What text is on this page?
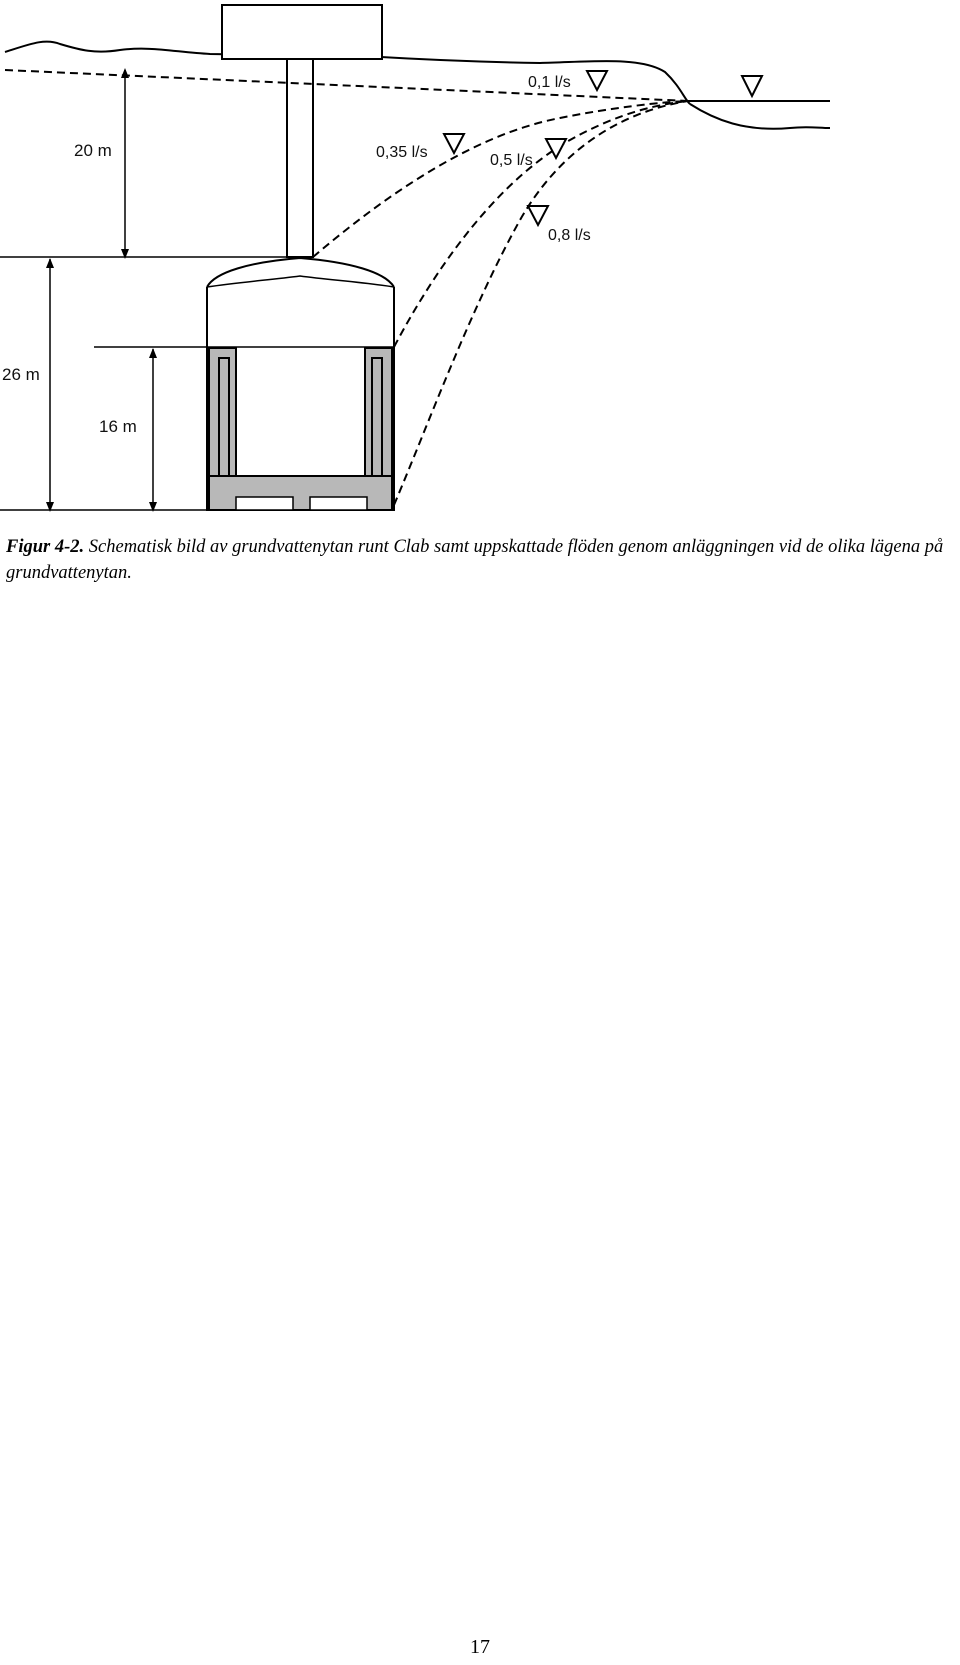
0,1 l/s
0,35 l/s	0,5 l/s
0,8 l/s
20 m
26 m
16 m

Figur 4-2. Schematisk bild av grundvattenytan runt Clab samt uppskattade flöden genom anläggningen vid de olika lägena på grundvattenytan.

17
